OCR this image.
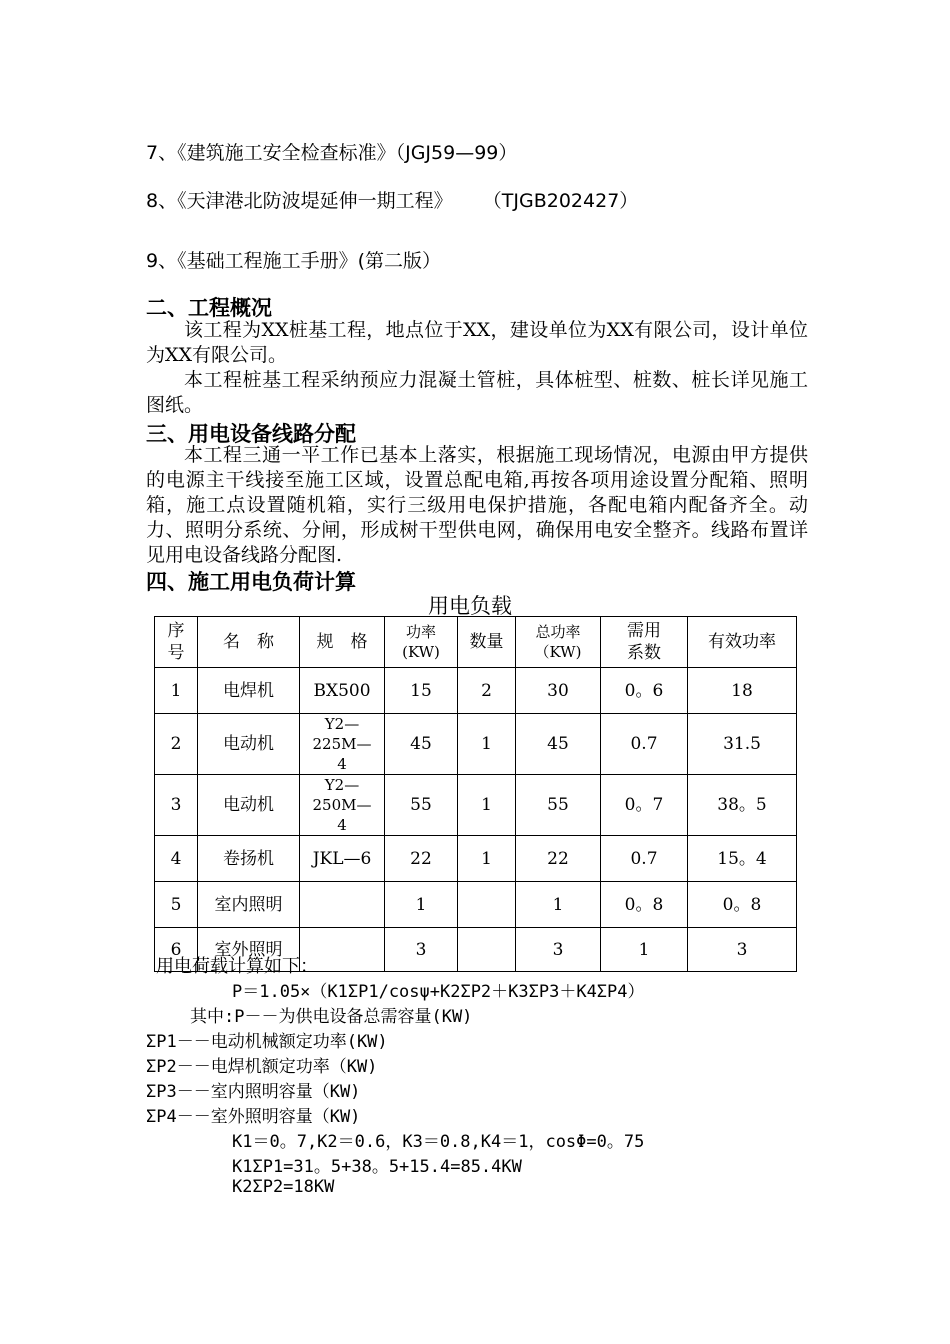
7、《建筑施工安全检查标准》（JGJ59—99）
8、《天津港北防波堤延伸一期工程》     （TJGB202427）
9、《基础工程施工手册》(第二版）
二、工程概况

该工程为XX桩基工程，地点位于XX，建设单位为XX有限公司，设计单位为XX有限公司。

本工程桩基工程采纳预应力混凝土管桩，具体桩型、桩数、桩长详见施工图纸。

三、用电设备线路分配

本工程三通一平工作已基本上落实，根据施工现场情况，电源由甲方提供的电源主干线接至施工区域，设置总配电箱,再按各项用途设置分配箱、照明箱，施工点设置随机箱，实行三级用电保护措施，各配电箱内配备齐全。动力、照明分系统、分闸，形成树干型供电网，确保用电安全整齐。线路布置详见用电设备线路分配图.

四、施工用电负荷计算
用电负载
序号	名　称	规　格	功率(KW)	数量	总功率（KW)	需用系数	有效功率
1	电焊机	BX500	15	2	30	0。6	18
2	电动机	Y2—225M—4	45	1	45	0.7	31.5
3	电动机	Y2—250M—4	55	1	55	0。7	38。5
4	卷扬机	JKL—6	22	1	22	0.7	15。4
5	室内照明		1		1	0。8	0。8
6	室外照明		3		3	1	3
用电荷载计算如下：
P＝1.05×（K1ΣP1/cosψ+K2ΣP2＋K3ΣP3＋K4ΣP4）
其中:P－－为供电设备总需容量(KW)
ΣP1－－电动机械额定功率(KW)
ΣP2－－电焊机额定功率（KW)
ΣP3－－室内照明容量（KW)
ΣP4－－室外照明容量（KW)
K1＝0。7,K2＝0.6，K3＝0.8,K4＝1，cosΦ=0。75
K1ΣP1=31。5+38。5+15.4=85.4KW
K2ΣP2=18KW
